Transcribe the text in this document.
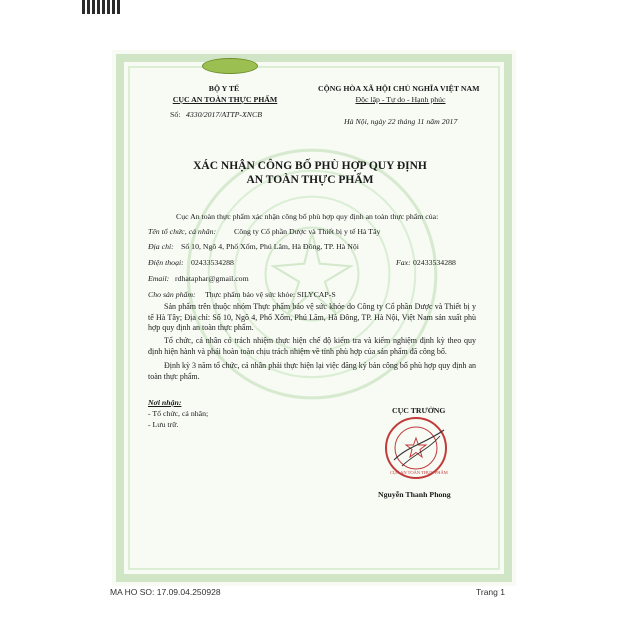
BỘ Y TẾ
CỤC AN TOÀN THỰC PHẨM
Số: 4330/2017/ATTP-XNCB
CỘNG HÒA XÃ HỘI CHỦ NGHĨA VIỆT NAM
Độc lập - Tự do - Hạnh phúc
Hà Nội, ngày 22 tháng 11 năm 2017
XÁC NHẬN CÔNG BỐ PHÙ HỢP QUY ĐỊNH
AN TOÀN THỰC PHẨM
Cục An toàn thực phẩm xác nhận công bố phù hợp quy định an toàn thực phẩm của:
Tên tổ chức, cá nhân: Công ty Cổ phần Dược và Thiết bị y tế Hà Tây
Địa chỉ: Số 10, Ngõ 4, Phố Xốm, Phú Lãm, Hà Đông, TP. Hà Nội
Điện thoại: 02433534288	Fax: 02433534288
Email: rdhataphar@gmail.com
Cho sản phẩm: Thực phẩm bảo vệ sức khỏe: SILYCAP-S
Sản phẩm trên thuộc nhóm Thực phẩm bảo vệ sức khỏe do Công ty Cổ phần Dược và Thiết bị y tế Hà Tây; Địa chỉ: Số 10, Ngõ 4, Phố Xốm, Phú Lãm, Hà Đông, TP. Hà Nội, Việt Nam sản xuất phù hợp quy định an toàn thực phẩm.
Tổ chức, cá nhân có trách nhiệm thực hiện chế độ kiểm tra và kiểm nghiệm định kỳ theo quy định hiện hành và phải hoàn toàn chịu trách nhiệm về tính phù hợp của sản phẩm đã công bố.
Định kỳ 3 năm tổ chức, cá nhân phải thực hiện lại việc đăng ký bản công bố phù hợp quy định an toàn thực phẩm.
Nơi nhận:
- Tổ chức, cá nhân;
- Lưu trữ.
CỤC TRƯỞNG
CỤC AN TOÀN THỰC PHẨM
Nguyễn Thanh Phong
MA HO SO: 17.09.04.250928	Trang 1
